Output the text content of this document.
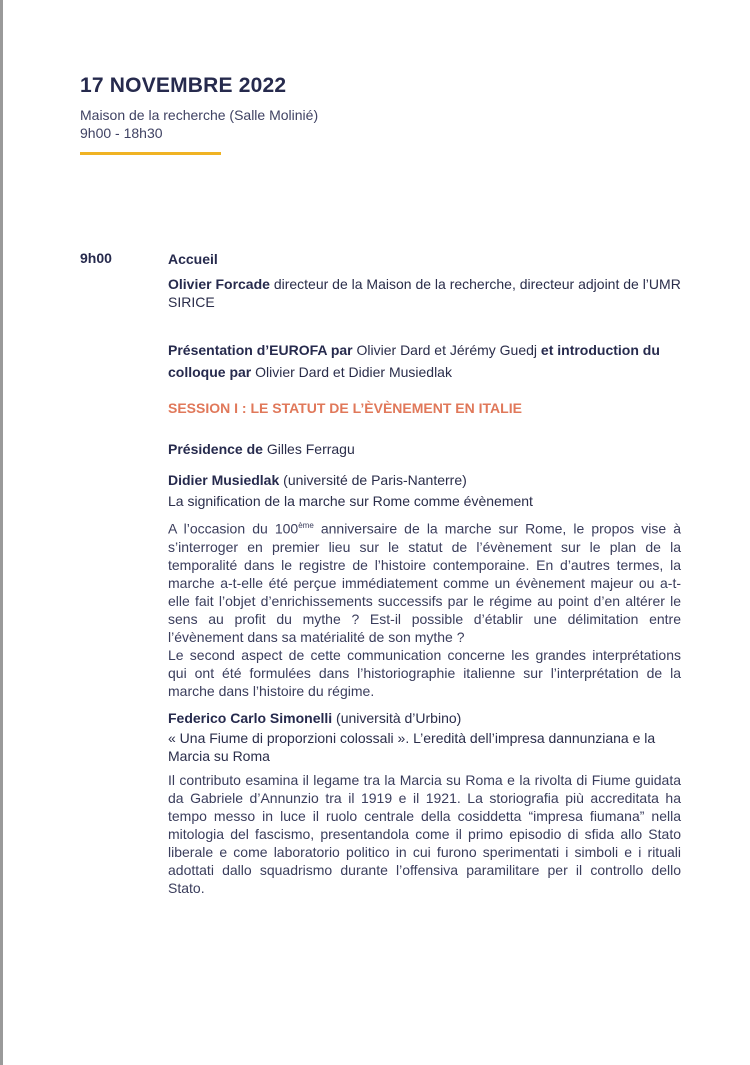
17 NOVEMBRE 2022
Maison de la recherche (Salle Molinié)
9h00 - 18h30
9h00	Accueil

Olivier Forcade directeur de la Maison de la recherche, directeur adjoint de l’UMR SIRICE

Présentation d’EUROFA par Olivier Dard et Jérémy Guedj et introduction du colloque par Olivier Dard et Didier Musiedlak

SESSION I : LE STATUT DE L’ÈVÈNEMENT EN ITALIE

Présidence de Gilles Ferragu

Didier Musiedlak (université de Paris-Nanterre)

La signification de la marche sur Rome comme évènement

A l’occasion du 100ème anniversaire de la marche sur Rome, le propos vise à s’interroger en premier lieu sur le statut de l’évènement sur le plan de la temporalité dans le registre de l’histoire contemporaine. En d’autres termes, la marche a-t-elle été perçue immédiatement comme un évènement majeur ou a-t-elle fait l’objet d’enrichissements successifs par le régime au point d’en altérer le sens au profit du mythe ? Est-il possible d’établir une délimitation entre l’évènement dans sa matérialité de son mythe ?

Le second aspect de cette communication concerne les grandes interprétations qui ont été formulées dans l’historiographie italienne sur l’interprétation de la marche dans l’histoire du régime.

Federico Carlo Simonelli (università d’Urbino)

« Una Fiume di proporzioni colossali ». L’eredità dell’impresa dannunziana e la Marcia su Roma

Il contributo esamina il legame tra la Marcia su Roma e la rivolta di Fiume guidata da Gabriele d’Annunzio tra il 1919 e il 1921. La storiografia più accreditata ha tempo messo in luce il ruolo centrale della cosiddetta “impresa fiumana” nella mitologia del fascismo, presentandola come il primo episodio di sfida allo Stato liberale e come laboratorio politico in cui furono sperimentati i simboli e i rituali adottati dallo squadrismo durante l’offensiva paramilitare per il controllo dello Stato.
